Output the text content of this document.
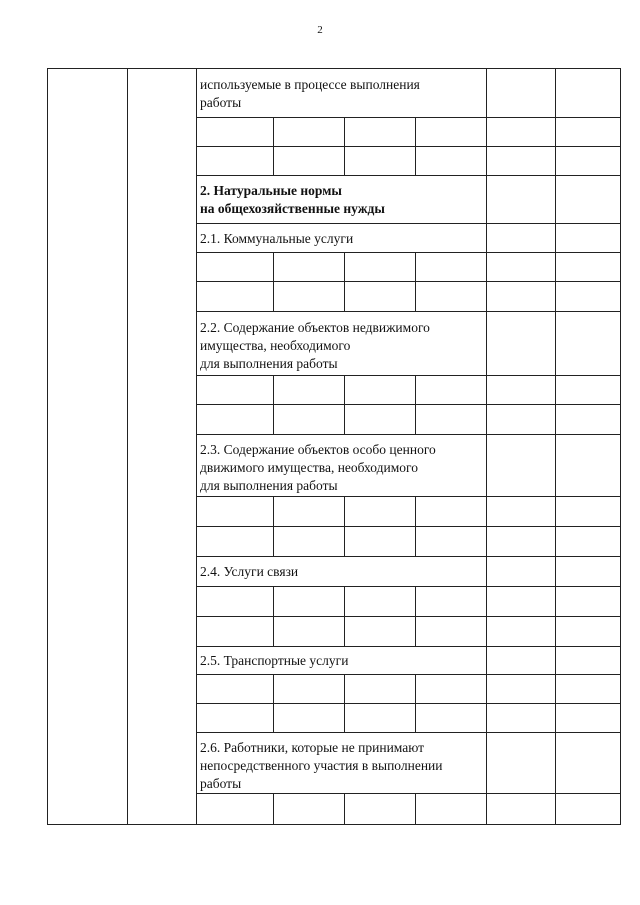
2
используемые в процессе выполнения
работы
2. Натуральные нормы
на общехозяйственные нужды
2.1. Коммунальные услуги
2.2. Содержание объектов недвижимого
имущества, необходимого
для выполнения работы
2.3. Содержание объектов особо ценного
движимого имущества, необходимого
для выполнения работы
2.4. Услуги связи
2.5. Транспортные услуги
2.6. Работники, которые не принимают
непосредственного участия в выполнении
работы
